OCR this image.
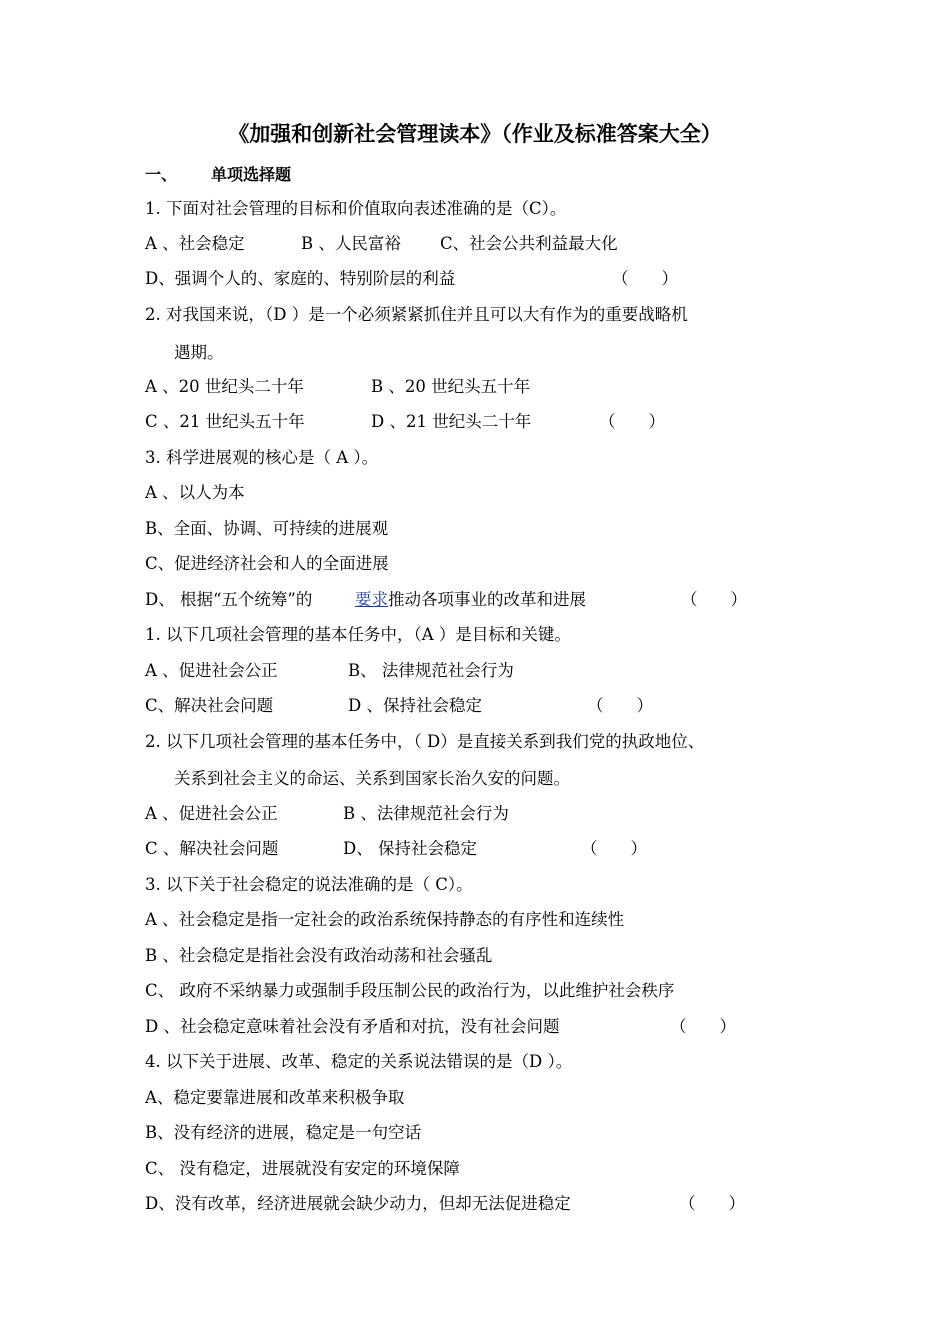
《加强和创新社会管理读本》（作业及标准答案大全）
一、 单项选择题
1. 下面对社会管理的目标和价值取向表述准确的是（C）。
A 、社会稳定	B 、人民富裕 C、社会公共利益最大化
D、强调个人的、家庭的、特别阶层的利益	（　　）
2. 对我国来说，（D ）是一个必须紧紧抓住并且可以大有作为的重要战略机
遇期。
A 、20 世纪头二十年	B 、20 世纪头五十年
C 、21 世纪头五十年	D 、21 世纪头二十年	（　　）
3. 科学进展观的核心是（ A ）。
A 、以人为本
B、全面、协调、可持续的进展观
C、促进经济社会和人的全面进展
D、 根据“五个统筹”的	要求推动各项事业的改革和进展	（　　）
1. 以下几项社会管理的基本任务中，（A ）是目标和关键。
A 、促进社会公正	B、 法律规范社会行为
C、解决社会问题	D 、保持社会稳定	（　　）
2. 以下几项社会管理的基本任务中，（ D）是直接关系到我们党的执政地位、
关系到社会主义的命运、关系到国家长治久安的问题。
A 、促进社会公正	B 、法律规范社会行为
C 、解决社会问题	D、 保持社会稳定	（　　）
3. 以下关于社会稳定的说法准确的是（ C）。
A 、社会稳定是指一定社会的政治系统保持静态的有序性和连续性
B 、社会稳定是指社会没有政治动荡和社会骚乱
C、 政府不采纳暴力或强制手段压制公民的政治行为，以此维护社会秩序
D 、社会稳定意味着社会没有矛盾和对抗，没有社会问题	（　　）
4. 以下关于进展、改革、稳定的关系说法错误的是（D ）。
A、稳定要靠进展和改革来积极争取
B、没有经济的进展，稳定是一句空话
C、 没有稳定，进展就没有安定的环境保障
D、没有改革，经济进展就会缺少动力，但却无法促进稳定	（　　）
